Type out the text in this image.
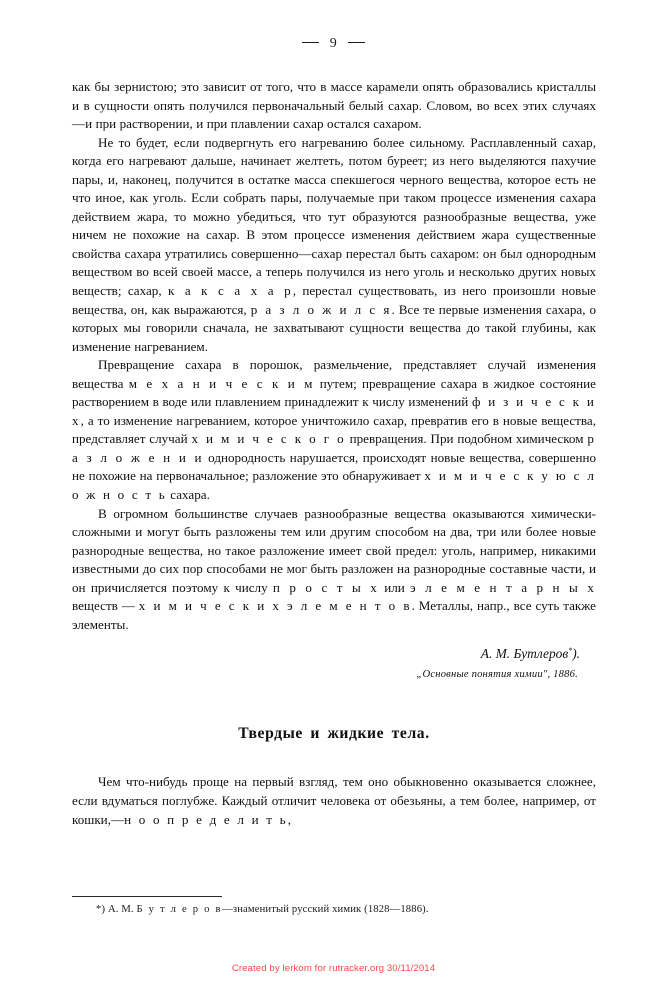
9

как бы зернистою; это зависит от того, что в массе карамели опять образовались кристаллы и в сущности опять получился первоначальный белый сахар. Словом, во всех этих случаях—и при растворении, и при плавлении сахар остался сахаром.

Не то будет, если подвергнуть его нагреванию более сильному. Расплавленный сахар, когда его нагревают дальше, начинает желтеть, потом буреет; из него выделяются пахучие пары, и, наконец, получится в остатке масса спекшегося черного вещества, которое есть не что иное, как уголь. Если собрать пары, получаемые при таком процессе изменения сахара действием жара, то можно убедиться, что тут образуются разнообразные вещества, уже ничем не похожие на сахар. В этом процессе изменения действием жара существенные свойства сахара утратились совершенно—сахар перестал быть сахаром: он был однородным веществом во всей своей массе, а теперь получился из него уголь и несколько других новых веществ; сахар, к а к с а х а р, перестал существовать, из него произошли новые вещества, он, как выражаются, р а з л о ж и л с я. Все те первые изменения сахара, о которых мы говорили сначала, не захватывают сущности вещества до такой глубины, как изменение нагреванием.

Превращение сахара в порошок, размельчение, представляет случай изменения вещества м е х а н и ч е с к и м путем; превращение сахара в жидкое состояние растворением в воде или плавлением принадлежит к числу изменений ф и з и ч е с к и х, а то изменение нагреванием, которое уничтожило сахар, превратив его в новые вещества, представляет случай х и м и ч е с к о г о превращения. При подобном химическом р а з л о ж е н и и однородность нарушается, происходят новые вещества, совершенно не похожие на первоначальное; разложение это обнаруживает х и м и ч е с к у ю с л о ж н о с т ь сахара.

В огромном большинстве случаев разнообразные вещества оказываются химически-сложными и могут быть разложены тем или другим способом на два, три или более новые разнородные вещества, но такое разложение имеет свой предел: уголь, например, никакими известными до сих пор способами не мог быть разложен на разнородные составные части, и он причисляется поэтому к числу п р о с т ы х или э л е м е н т а р н ы х веществ — х и м и ч е с к и х э л е м е н т о в. Металлы, напр., все суть также элементы.

А. М. Бутлеров*).
„Основные понятия химии", 1886.
Твердые и жидкие тела.

Чем что-нибудь проще на первый взгляд, тем оно обыкновенно оказывается сложнее, если вдуматься поглубже. Каждый отличит человека от обезьяны, а тем более, например, от кошки,—н о о п р е д е л и т ь,

*) А. М. Б у т л е р о в—знаменитый русский химик (1828—1886).

Created by lerkom for rutracker.org 30/11/2014
